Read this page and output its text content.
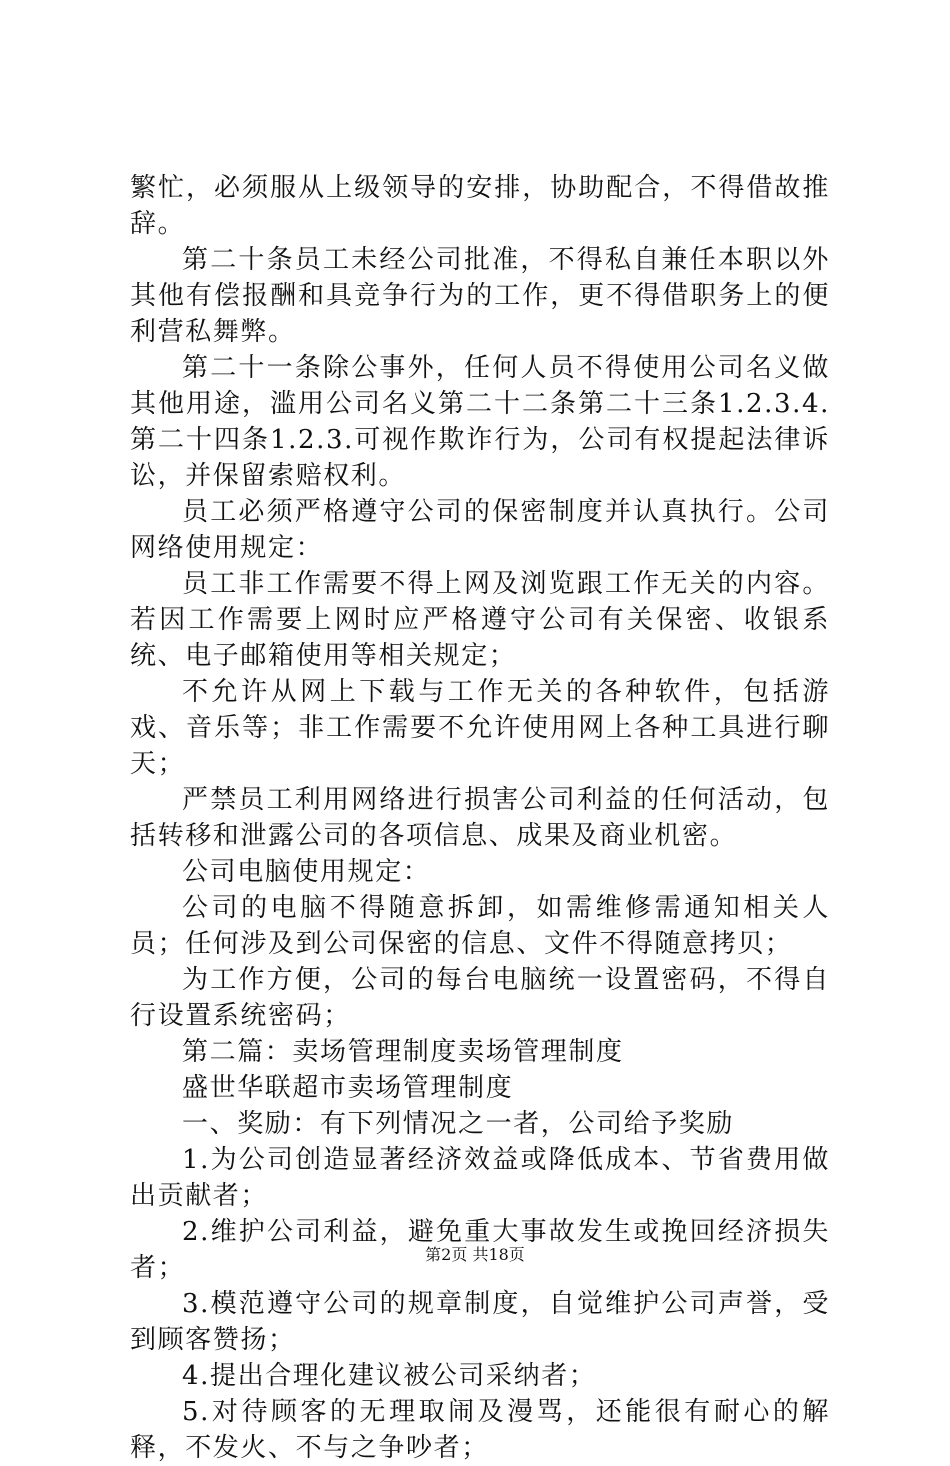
繁忙，必须服从上级领导的安排，协助配合，不得借故推辞。

第二十条员工未经公司批准，不得私自兼任本职以外其他有偿报酬和具竞争行为的工作，更不得借职务上的便利营私舞弊。

第二十一条除公事外，任何人员不得使用公司名义做其他用途，滥用公司名义第二十二条第二十三条1.2.3.4.第二十四条1.2.3.可视作欺诈行为，公司有权提起法律诉讼，并保留索赔权利。

员工必须严格遵守公司的保密制度并认真执行。公司网络使用规定：

员工非工作需要不得上网及浏览跟工作无关的内容。若因工作需要上网时应严格遵守公司有关保密、收银系统、电子邮箱使用等相关规定；

不允许从网上下载与工作无关的各种软件，包括游戏、音乐等；非工作需要不允许使用网上各种工具进行聊天；

严禁员工利用网络进行损害公司利益的任何活动，包括转移和泄露公司的各项信息、成果及商业机密。

公司电脑使用规定：

公司的电脑不得随意拆卸，如需维修需通知相关人员；任何涉及到公司保密的信息、文件不得随意拷贝；

为工作方便，公司的每台电脑统一设置密码，不得自行设置系统密码；

第二篇：卖场管理制度卖场管理制度

盛世华联超市卖场管理制度

一、奖励：有下列情况之一者，公司给予奖励

1.为公司创造显著经济效益或降低成本、节省费用做出贡献者；

2.维护公司利益，避免重大事故发生或挽回经济损失者；

3.模范遵守公司的规章制度，自觉维护公司声誉，受到顾客赞扬；

4.提出合理化建议被公司采纳者；

5.对待顾客的无理取闹及漫骂，还能很有耐心的解释，不发火、不与之争吵者；

第2页 共18页
